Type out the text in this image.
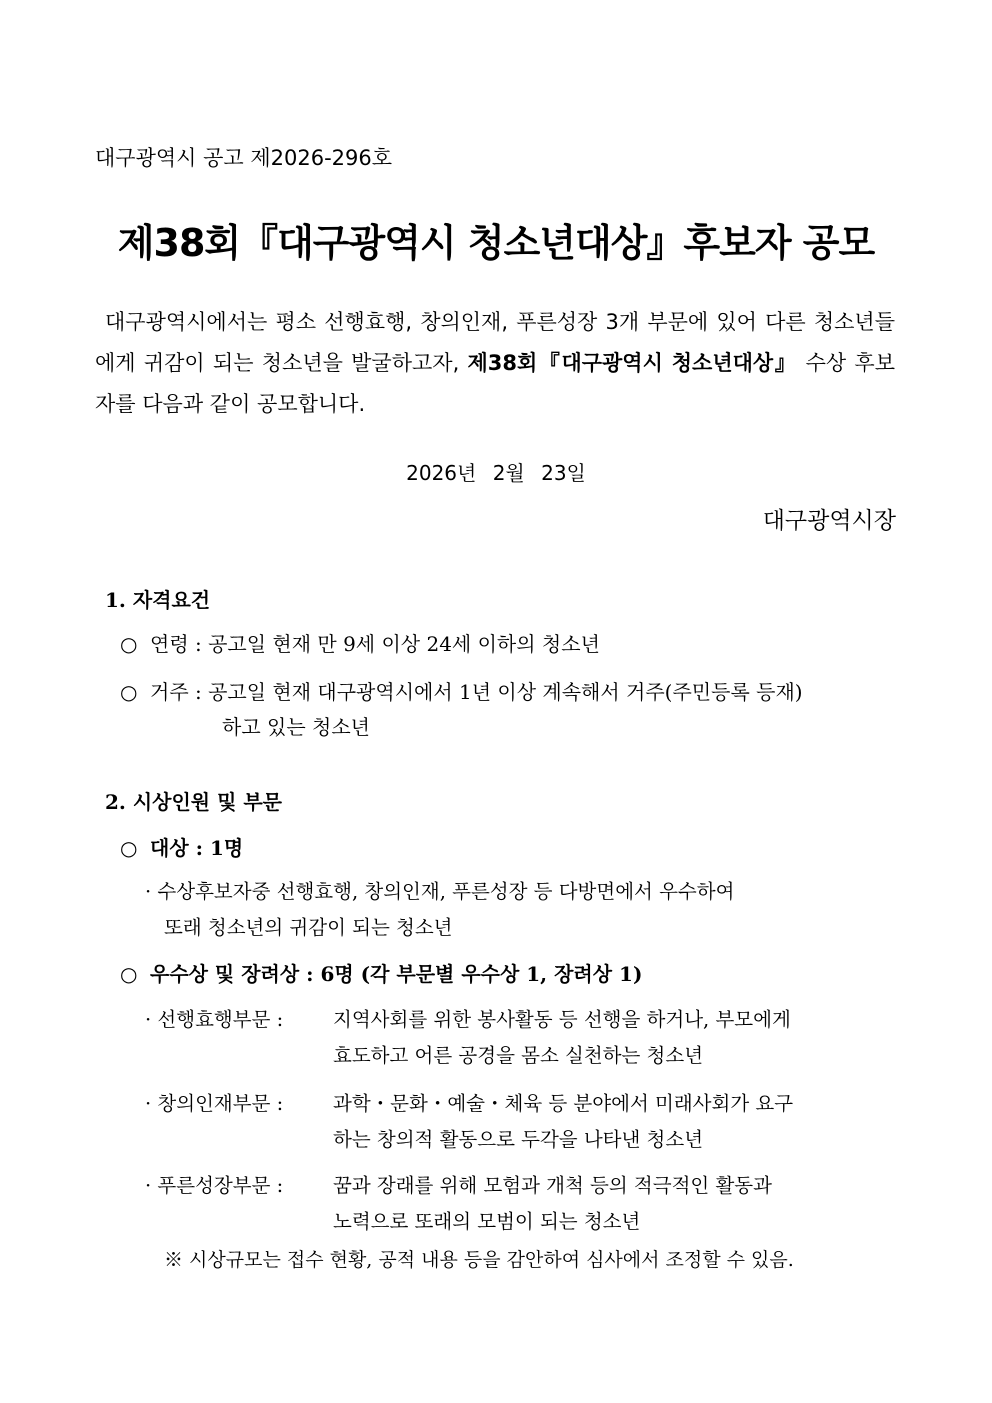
대구광역시 공고 제2026-296호
제38회『대구광역시 청소년대상』후보자 공모
대구광역시에서는 평소 선행효행, 창의인재, 푸른성장 3개 부문에 있어 다른 청소년들에게 귀감이 되는 청소년을 발굴하고자, 제38회『대구광역시 청소년대상』 수상 후보자를 다음과 같이 공모합니다.
2026년 2월 23일
대구광역시장
1. 자격요건
○ 연령 : 공고일 현재 만 9세 이상 24세 이하의 청소년
○ 거주 : 공고일 현재 대구광역시에서 1년 이상 계속해서 거주(주민등록 등재)
하고 있는 청소년
2. 시상인원 및 부문
○ 대상 : 1명
· 수상후보자중 선행효행, 창의인재, 푸른성장 등 다방면에서 우수하여
또래 청소년의 귀감이 되는 청소년
○ 우수상 및 장려상 : 6명 (각 부문별 우수상 1, 장려상 1)
· 선행효행부문 :	지역사회를 위한 봉사활동 등 선행을 하거나, 부모에게
효도하고 어른 공경을 몸소 실천하는 청소년
· 창의인재부문 :	과학・문화・예술・체육 등 분야에서 미래사회가 요구
하는 창의적 활동으로 두각을 나타낸 청소년
· 푸른성장부문 :	꿈과 장래를 위해 모험과 개척 등의 적극적인 활동과
노력으로 또래의 모범이 되는 청소년
※ 시상규모는 접수 현황, 공적 내용 등을 감안하여 심사에서 조정할 수 있음.
